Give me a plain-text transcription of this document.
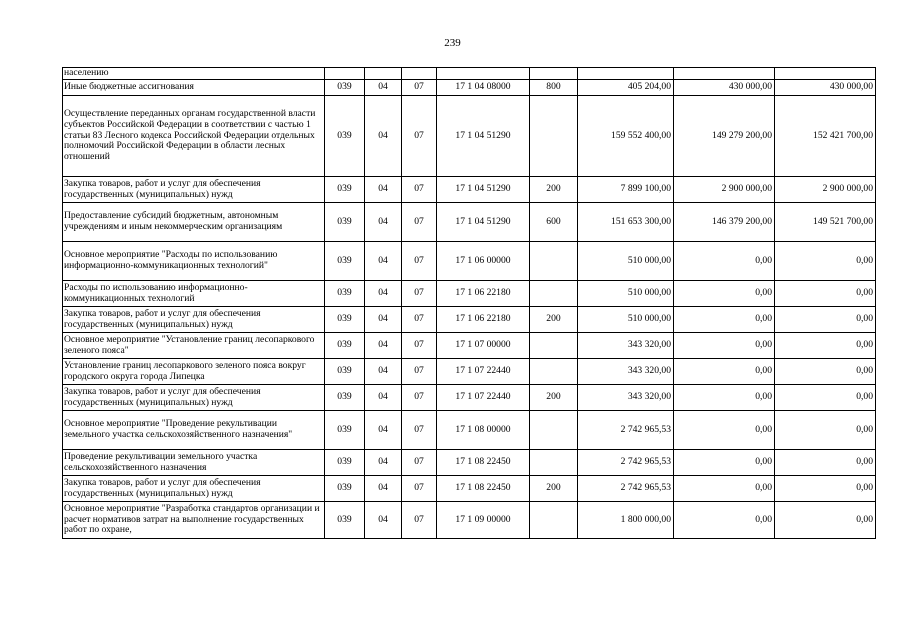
239
населению								
Иные бюджетные ассигнования	039	04	07	17 1 04 08000	800	405 204,00	430 000,00	430 000,00
Осуществление переданных органам государственной власти субъектов Российской Федерации в соответствии с частью 1 статьи 83 Лесного кодекса Российской Федерации отдельных полномочий Российской Федерации в области лесных отношений	039	04	07	17 1 04 51290		159 552 400,00	149 279 200,00	152 421 700,00
Закупка товаров, работ и услуг для обеспечения государственных (муниципальных) нужд	039	04	07	17 1 04 51290	200	7 899 100,00	2 900 000,00	2 900 000,00
Предоставление субсидий бюджетным, автономным учреждениям и иным некоммерческим организациям	039	04	07	17 1 04 51290	600	151 653 300,00	146 379 200,00	149 521 700,00
Основное мероприятие "Расходы по использованию информационно-коммуникационных технологий"	039	04	07	17 1 06 00000		510 000,00	0,00	0,00
Расходы по использованию информационно-коммуникационных технологий	039	04	07	17 1 06 22180		510 000,00	0,00	0,00
Закупка товаров, работ и услуг для обеспечения государственных (муниципальных) нужд	039	04	07	17 1 06 22180	200	510 000,00	0,00	0,00
Основное мероприятие "Установление границ лесопаркового зеленого пояса"	039	04	07	17 1 07 00000		343 320,00	0,00	0,00
Установление границ лесопаркового зеленого пояса вокруг городского округа города Липецка	039	04	07	17 1 07 22440		343 320,00	0,00	0,00
Закупка товаров, работ и услуг для обеспечения государственных (муниципальных) нужд	039	04	07	17 1 07 22440	200	343 320,00	0,00	0,00
Основное мероприятие "Проведение рекультивации земельного участка сельскохозяйственного назначения"	039	04	07	17 1 08 00000		2 742 965,53	0,00	0,00
Проведение рекультивации земельного участка сельскохозяйственного назначения	039	04	07	17 1 08 22450		2 742 965,53	0,00	0,00
Закупка товаров, работ и услуг для обеспечения государственных (муниципальных) нужд	039	04	07	17 1 08 22450	200	2 742 965,53	0,00	0,00
Основное мероприятие "Разработка стандартов организации и расчет нормативов затрат на выполнение государственных работ по охране,	039	04	07	17 1 09 00000		1 800 000,00	0,00	0,00
